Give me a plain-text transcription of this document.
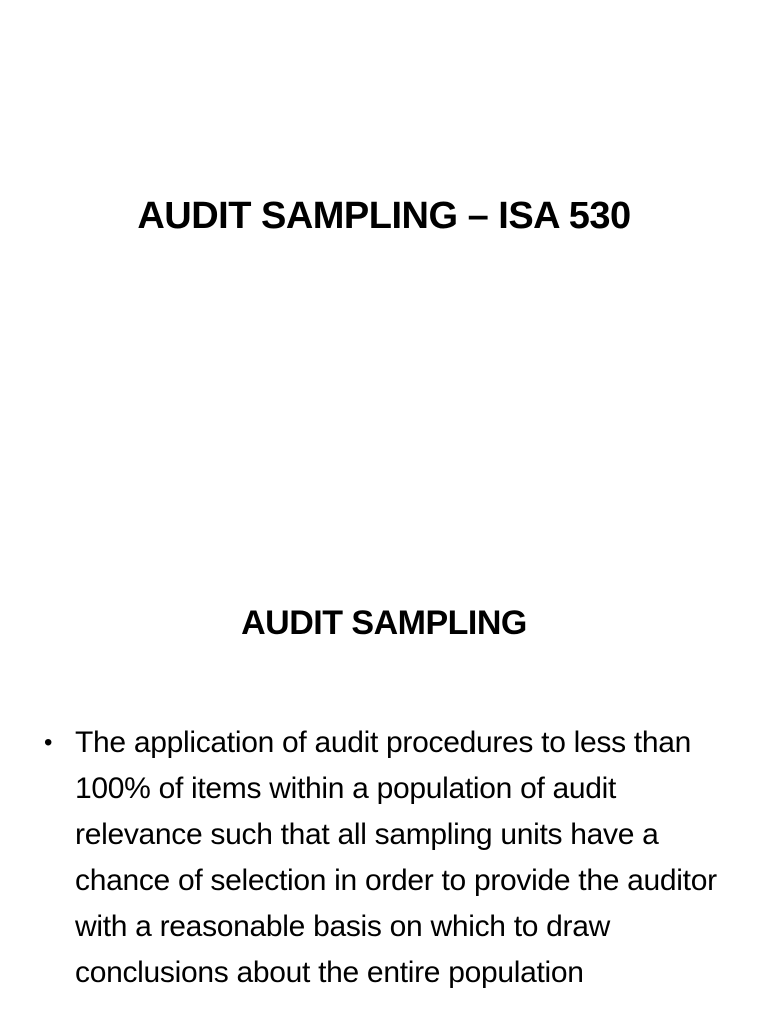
AUDIT SAMPLING – ISA 530
AUDIT SAMPLING
• The application of audit procedures to less than 100% of items within a population of audit relevance such that all sampling units have a chance of selection in order to provide the auditor with a reasonable basis on which to draw conclusions about the entire population
